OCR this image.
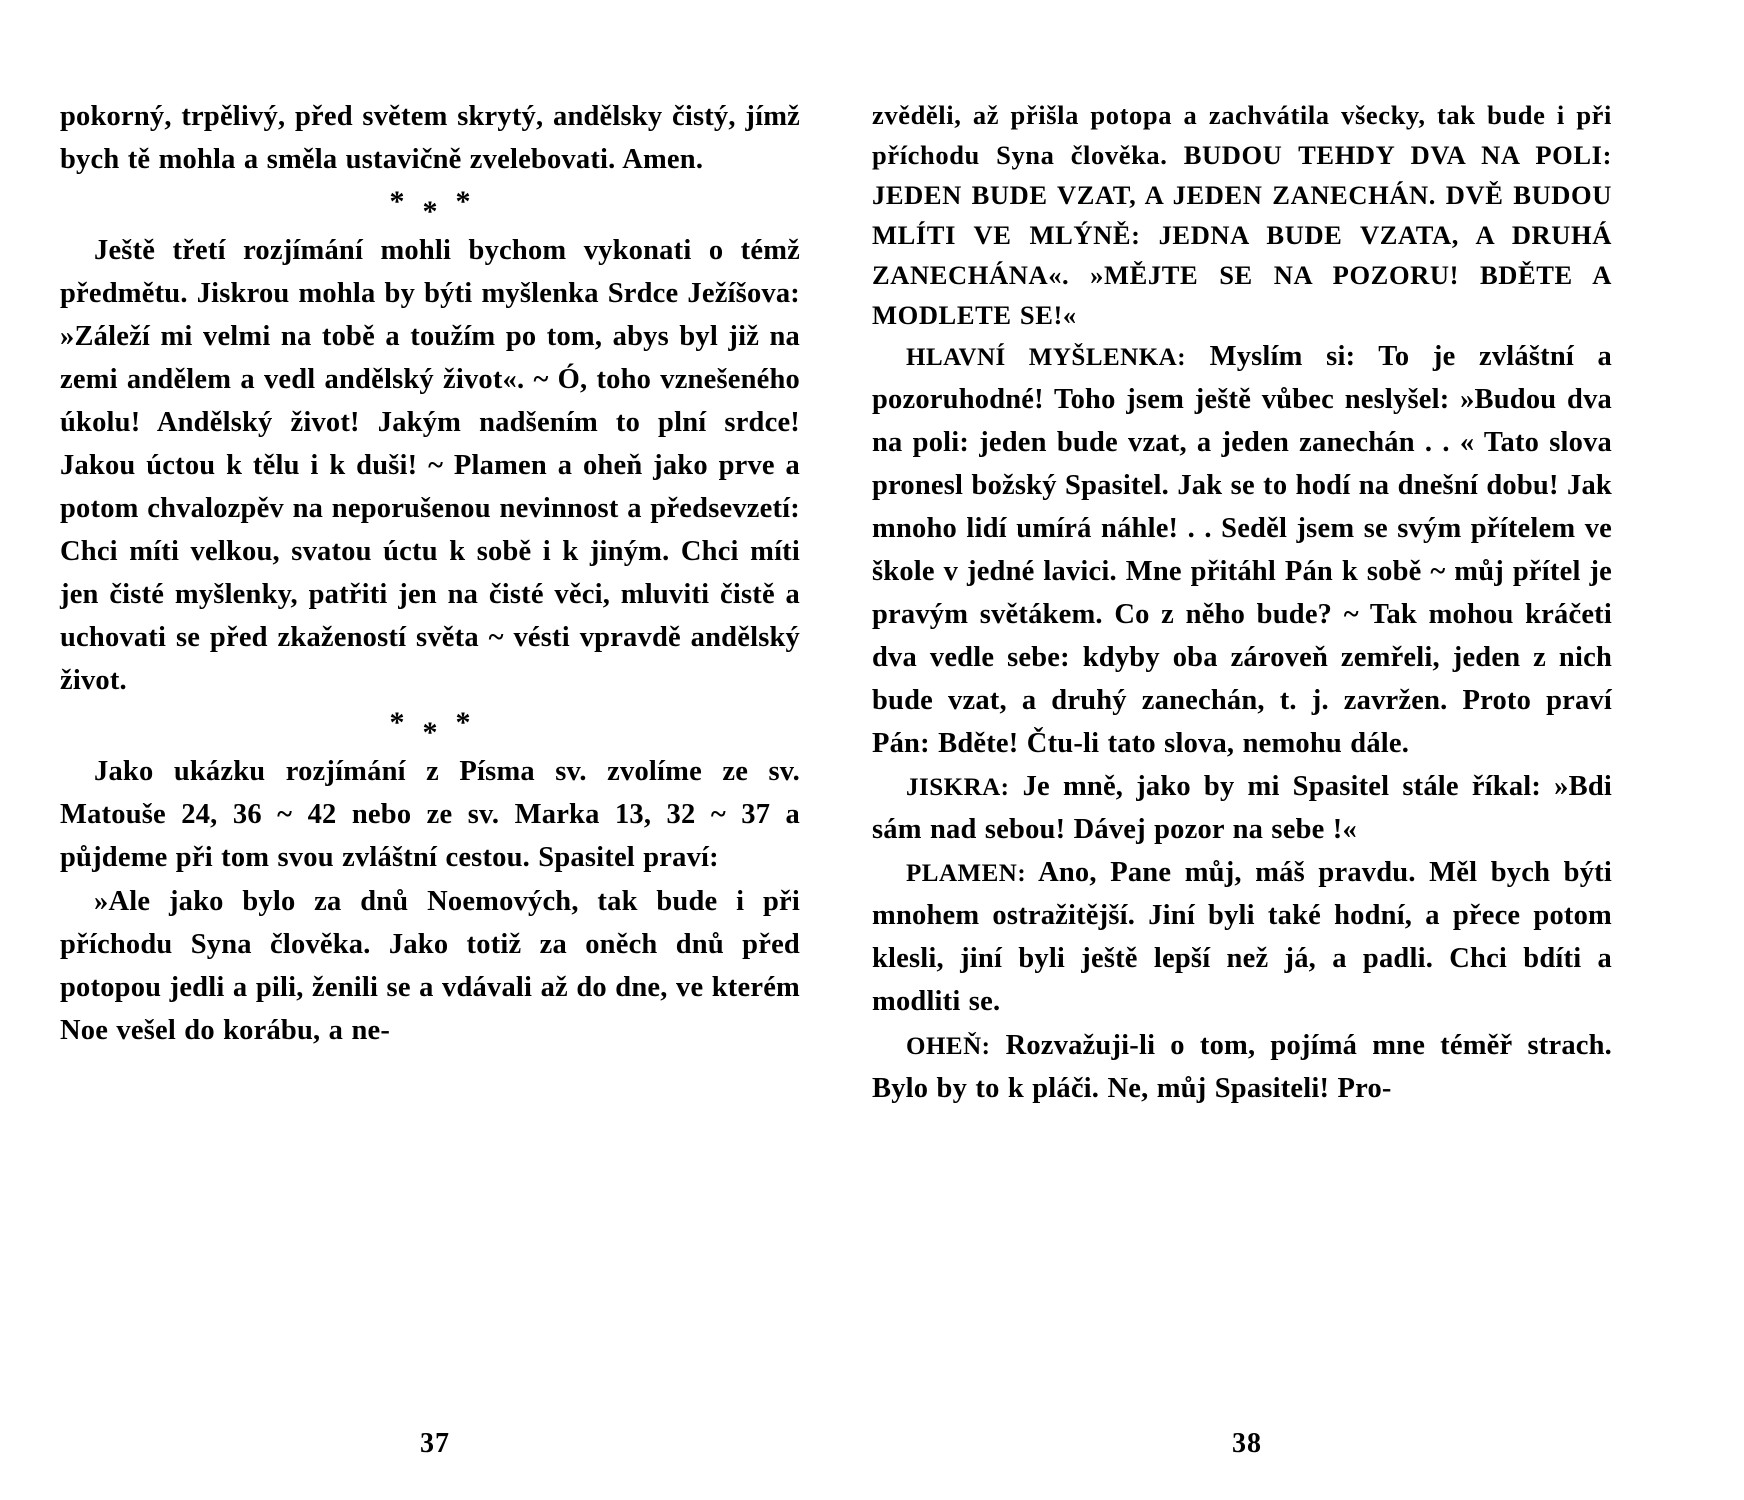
pokorný, trpělivý, před světem skrytý, andělsky čistý, jímž bych tě mohla a směla ustavičně zvelebovati. Amen.

***

Ještě třetí rozjímání mohli bychom vykonati o témž předmětu. Jiskrou mohla by býti myšlenka Srdce Ježíšova: »Záleží mi velmi na tobě a toužím po tom, abys byl již na zemi andělem a vedl andělský život«. ~ Ó, toho vznešeného úkolu! Andělský život! Jakým nadšením to plní srdce! Jakou úctou k tělu i k duši! ~ Plamen a oheň jako prve a potom chvalozpěv na neporušenou nevinnost a předsevzetí: Chci míti velkou, svatou úctu k sobě i k jiným. Chci míti jen čisté myšlenky, patřiti jen na čisté věci, mluviti čistě a uchovati se před zkažeností světa ~ vésti vpravdě andělský život.

***

Jako ukázku rozjímání z Písma sv. zvolíme ze sv. Matouše 24, 36 ~ 42 nebo ze sv. Marka 13, 32 ~ 37 a půjdeme při tom svou zvláštní cestou. Spasitel praví:

»Ale jako bylo za dnů Noemových, tak bude i při příchodu Syna člověka. Jako totiž za oněch dnů před potopou jedli a pili, ženili se a vdávali až do dne, ve kterém Noe vešel do korábu, a ne-

37

zvěděli, až přišla potopa a zachvátila všecky, tak bude i při příchodu Syna člověka. BUDOU TEHDY DVA NA POLI: JEDEN BUDE VZAT, A JEDEN ZANECHÁN. DVĚ BUDOU MLÍTI VE MLÝNĚ: JEDNA BUDE VZATA, A DRUHÁ ZANECHÁNA«. »MĚJTE SE NA POZORU! BDĚTE A MODLETE SE!«

HLAVNÍ MYŠLENKA: Myslím si: To je zvláštní a pozoruhodné! Toho jsem ještě vůbec neslyšel: »Budou dva na poli: jeden bude vzat, a jeden zanechán . . « Tato slova pronesl božský Spasitel. Jak se to hodí na dnešní dobu! Jak mnoho lidí umírá náhle! . . Seděl jsem se svým přítelem ve škole v jedné lavici. Mne přitáhl Pán k sobě ~ můj přítel je pravým světákem. Co z něho bude? ~ Tak mohou kráčeti dva vedle sebe: kdyby oba zároveň zemřeli, jeden z nich bude vzat, a druhý zanechán, t. j. zavržen. Proto praví Pán: Bděte! Čtu-li tato slova, nemohu dále.

JISKRA: Je mně, jako by mi Spasitel stále říkal: »Bdi sám nad sebou! Dávej pozor na sebe !«

PLAMEN: Ano, Pane můj, máš pravdu. Měl bych býti mnohem ostražitější. Jiní byli také hodní, a přece potom klesli, jiní byli ještě lepší než já, a padli. Chci bdíti a modliti se.

OHEŇ: Rozvažuji-li o tom, pojímá mne téměř strach. Bylo by to k pláči. Ne, můj Spasiteli! Pro-

38
